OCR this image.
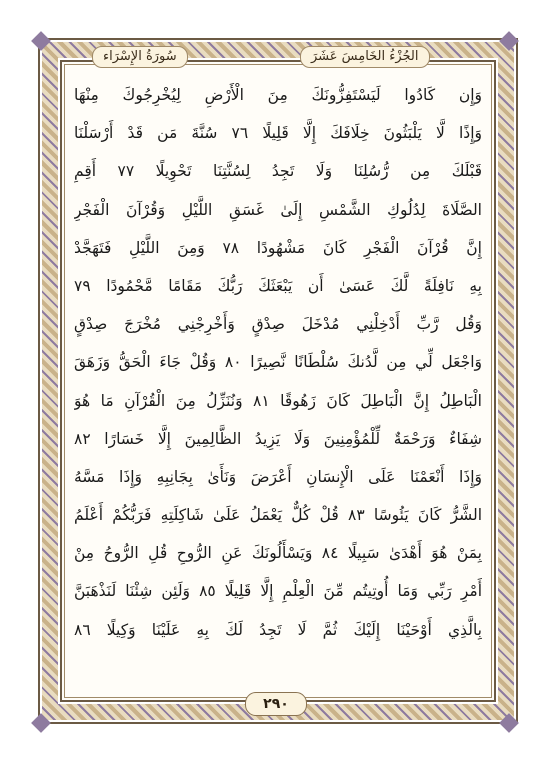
الجُزْءُ الخَامِسَ عَشَرَ
سُورَةُ الإِسْرَاء
وَإِن كَادُوا لَيَسْتَفِزُّونَكَ مِنَ الْأَرْضِ لِيُخْرِجُوكَ مِنْهَا
وَإِذًا لَّا يَلْبَثُونَ خِلَافَكَ إِلَّا قَلِيلًا ٧٦ سُنَّةَ مَن قَدْ أَرْسَلْنَا
قَبْلَكَ مِن رُّسُلِنَا وَلَا تَجِدُ لِسُنَّتِنَا تَحْوِيلًا ٧٧ أَقِمِ
الصَّلَاةَ لِدُلُوكِ الشَّمْسِ إِلَىٰ غَسَقِ اللَّيْلِ وَقُرْآنَ الْفَجْرِ
إِنَّ قُرْآنَ الْفَجْرِ كَانَ مَشْهُودًا ٧٨ وَمِنَ اللَّيْلِ فَتَهَجَّدْ
بِهِ نَافِلَةً لَّكَ عَسَىٰ أَن يَبْعَثَكَ رَبُّكَ مَقَامًا مَّحْمُودًا ٧٩
وَقُل رَّبِّ أَدْخِلْنِي مُدْخَلَ صِدْقٍ وَأَخْرِجْنِي مُخْرَجَ صِدْقٍ
وَاجْعَل لِّي مِن لَّدُنكَ سُلْطَانًا نَّصِيرًا ٨٠ وَقُلْ جَاءَ الْحَقُّ وَزَهَقَ
الْبَاطِلُ إِنَّ الْبَاطِلَ كَانَ زَهُوقًا ٨١ وَنُنَزِّلُ مِنَ الْقُرْآنِ مَا هُوَ
شِفَاءٌ وَرَحْمَةٌ لِّلْمُؤْمِنِينَ وَلَا يَزِيدُ الظَّالِمِينَ إِلَّا خَسَارًا ٨٢
وَإِذَا أَنْعَمْنَا عَلَى الْإِنسَانِ أَعْرَضَ وَنَأَىٰ بِجَانِبِهِ وَإِذَا مَسَّهُ
الشَّرُّ كَانَ يَئُوسًا ٨٣ قُلْ كُلٌّ يَعْمَلُ عَلَىٰ شَاكِلَتِهِ فَرَبُّكُمْ أَعْلَمُ
بِمَنْ هُوَ أَهْدَىٰ سَبِيلًا ٨٤ وَيَسْأَلُونَكَ عَنِ الرُّوحِ قُلِ الرُّوحُ مِنْ
أَمْرِ رَبِّي وَمَا أُوتِيتُم مِّنَ الْعِلْمِ إِلَّا قَلِيلًا ٨٥ وَلَئِن شِئْنَا لَنَذْهَبَنَّ
بِالَّذِي أَوْحَيْنَا إِلَيْكَ ثُمَّ لَا تَجِدُ لَكَ بِهِ عَلَيْنَا وَكِيلًا ٨٦
٢٩٠
